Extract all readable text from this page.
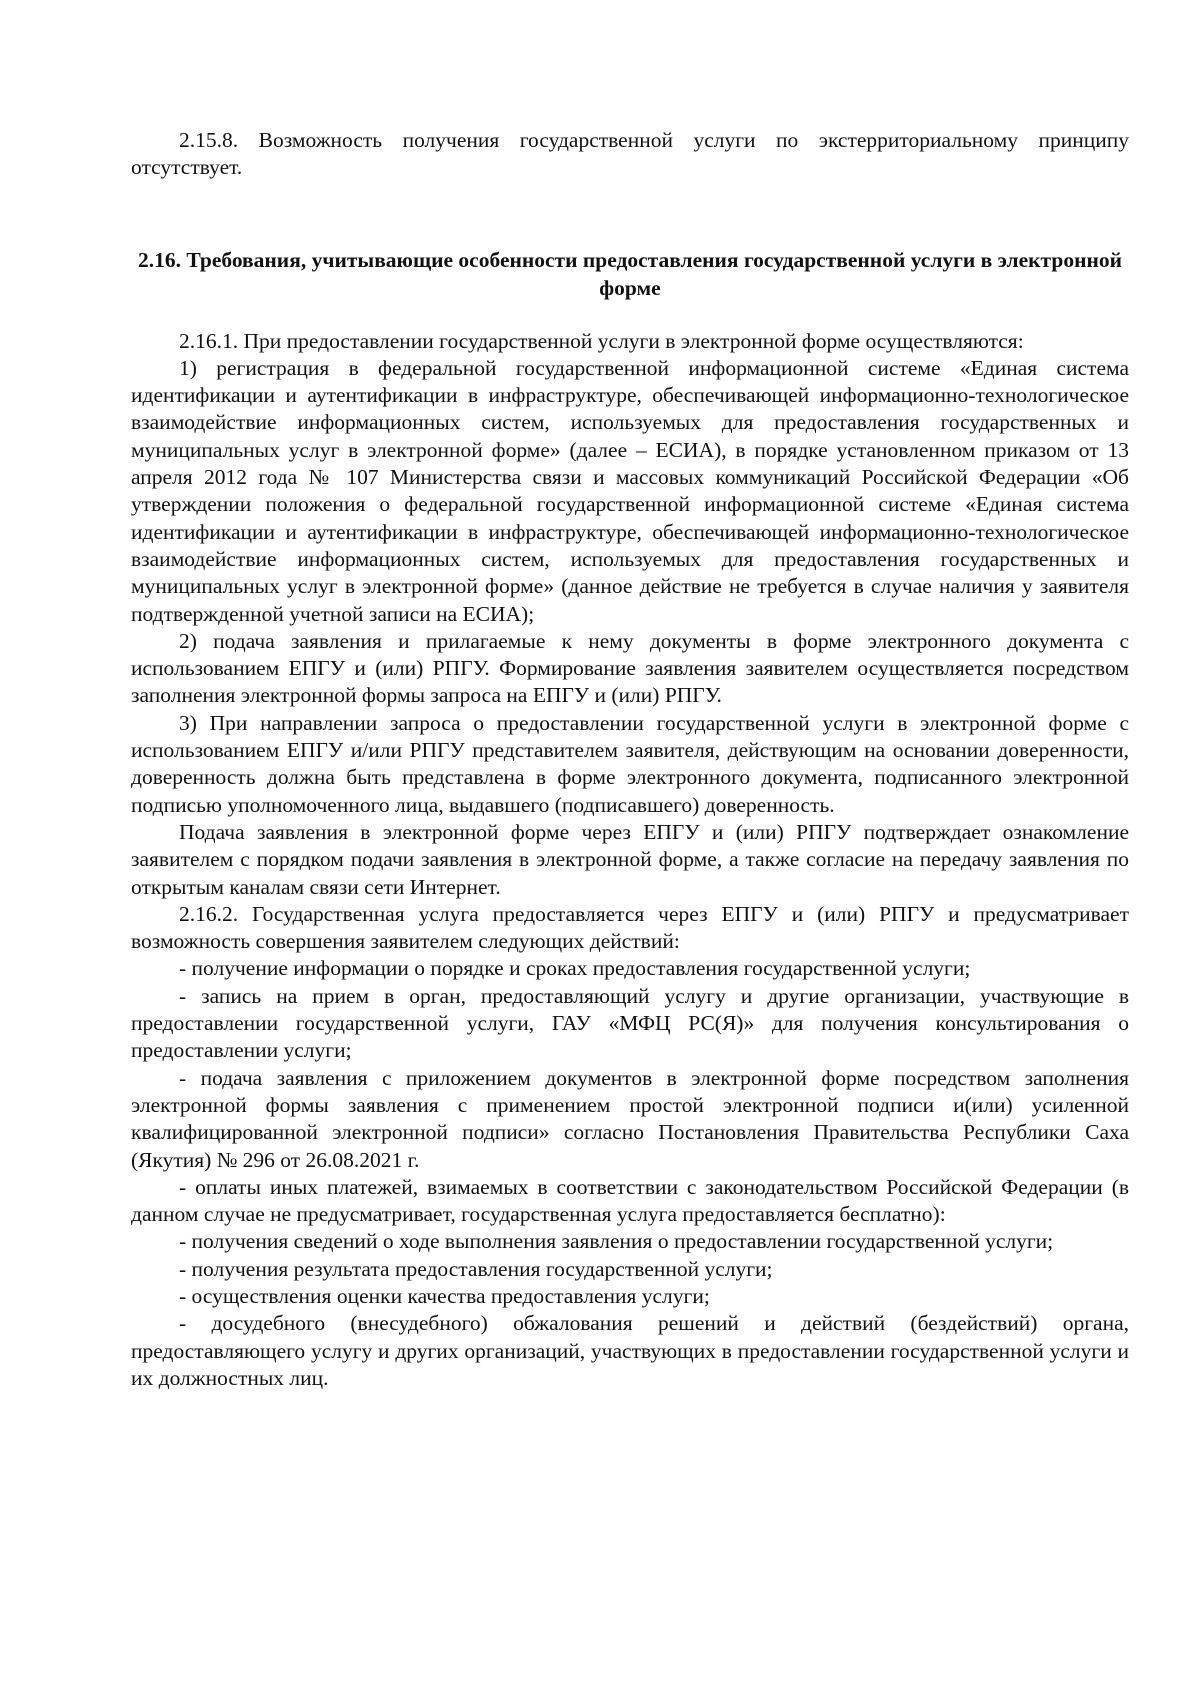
2.15.8. Возможность получения государственной услуги по экстерриториальному принципу отсутствует.

2.16. Требования, учитывающие особенности предоставления государственной услуги в электронной форме

2.16.1. При предоставлении государственной услуги в электронной форме осуществляются:

1) регистрация в федеральной государственной информационной системе «Единая система идентификации и аутентификации в инфраструктуре, обеспечивающей информационно-технологическое взаимодействие информационных систем, используемых для предоставления государственных и муниципальных услуг в электронной форме» (далее – ЕСИА), в порядке установленном приказом от 13 апреля 2012 года № 107 Министерства связи и массовых коммуникаций Российской Федерации «Об утверждении положения о федеральной государственной информационной системе «Единая система идентификации и аутентификации в инфраструктуре, обеспечивающей информационно-технологическое взаимодействие информационных систем, используемых для предоставления государственных и муниципальных услуг в электронной форме» (данное действие не требуется в случае наличия у заявителя подтвержденной учетной записи на ЕСИА);

2) подача заявления и прилагаемые к нему документы в форме электронного документа с использованием ЕПГУ и (или) РПГУ. Формирование заявления заявителем осуществляется посредством заполнения электронной формы запроса на ЕПГУ и (или) РПГУ.

3) При направлении запроса о предоставлении государственной услуги в электронной форме с использованием ЕПГУ и/или РПГУ представителем заявителя, действующим на основании доверенности, доверенность должна быть представлена в форме электронного документа, подписанного электронной подписью уполномоченного лица, выдавшего (подписавшего) доверенность.

Подача заявления в электронной форме через ЕПГУ и (или) РПГУ подтверждает ознакомление заявителем с порядком подачи заявления в электронной форме, а также согласие на передачу заявления по открытым каналам связи сети Интернет.

2.16.2. Государственная услуга предоставляется через ЕПГУ и (или) РПГУ и предусматривает возможность совершения заявителем следующих действий:

- получение информации о порядке и сроках предоставления государственной услуги;

- запись на прием в орган, предоставляющий услугу и другие организации, участвующие в предоставлении государственной услуги, ГАУ «МФЦ РС(Я)» для получения консультирования о предоставлении услуги;

- подача заявления с приложением документов в электронной форме посредством заполнения электронной формы заявления с применением простой электронной подписи и(или) усиленной квалифицированной электронной подписи» согласно Постановления Правительства Республики Саха (Якутия) № 296 от 26.08.2021 г.

- оплаты иных платежей, взимаемых в соответствии с законодательством Российской Федерации (в данном случае не предусматривает, государственная услуга предоставляется бесплатно):

- получения сведений о ходе выполнения заявления о предоставлении государственной услуги;

- получения результата предоставления государственной услуги;

- осуществления оценки качества предоставления услуги;

- досудебного (внесудебного) обжалования решений и действий (бездействий) органа, предоставляющего услугу и других организаций, участвующих в предоставлении государственной услуги и их должностных лиц.
